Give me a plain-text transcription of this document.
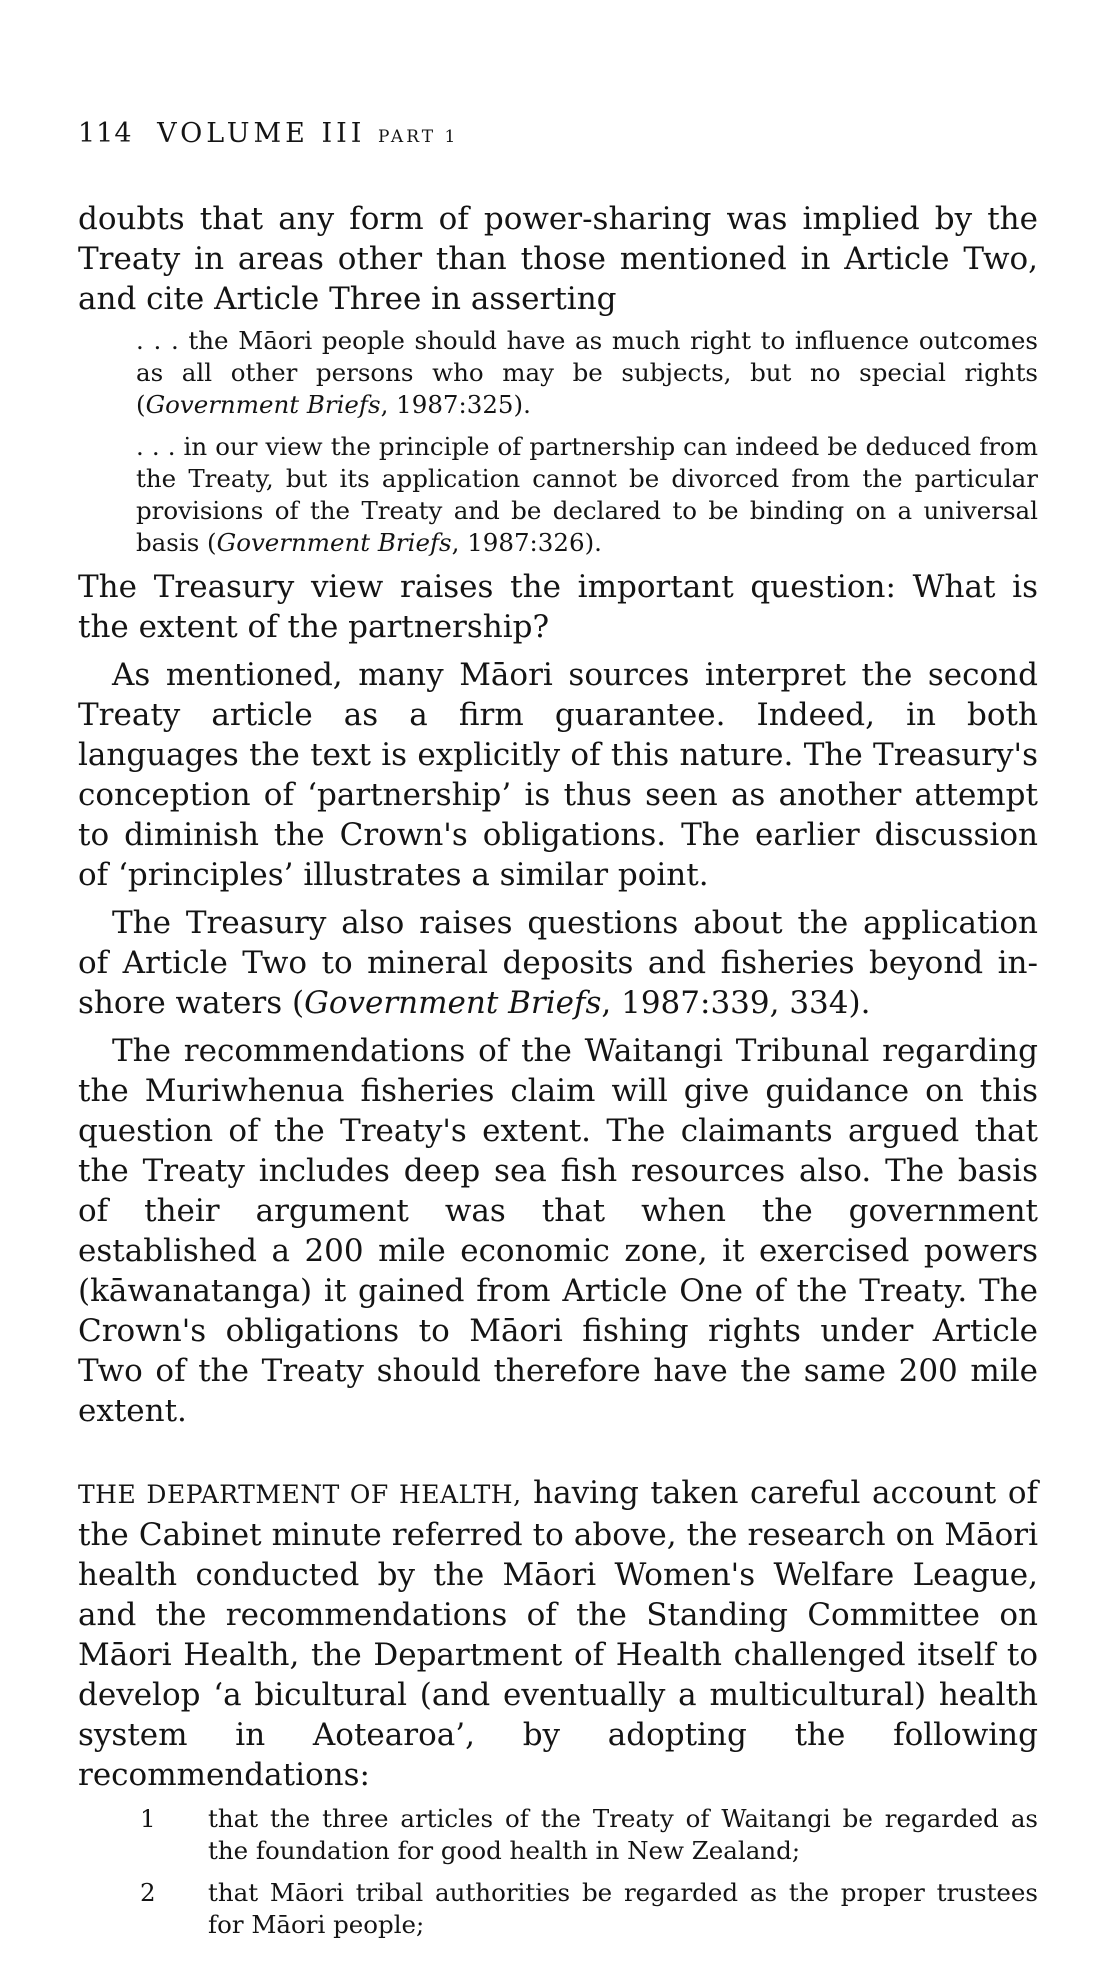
114 VOLUME III PART 1

doubts that any form of power-sharing was implied by the Treaty in areas other than those mentioned in Article Two, and cite Article Three in asserting

. . . the Māori people should have as much right to influence outcomes as all other persons who may be subjects, but no special rights (Government Briefs, 1987:325).

. . . in our view the principle of partnership can indeed be deduced from the Treaty, but its application cannot be divorced from the particular provisions of the Treaty and be declared to be binding on a universal basis (Government Briefs, 1987:326).

The Treasury view raises the important question: What is the extent of the partnership?

As mentioned, many Māori sources interpret the second Treaty article as a firm guarantee. Indeed, in both languages the text is explicitly of this nature. The Treasury's conception of ‘partnership’ is thus seen as another attempt to diminish the Crown's obligations. The earlier discussion of ‘principles’ illustrates a similar point.

The Treasury also raises questions about the application of Article Two to mineral deposits and fisheries beyond in-shore waters (Government Briefs, 1987:339, 334).

The recommendations of the Waitangi Tribunal regarding the Muriwhenua fisheries claim will give guidance on this question of the Treaty's extent. The claimants argued that the Treaty includes deep sea fish resources also. The basis of their argument was that when the government established a 200 mile economic zone, it exercised powers (kāwanatanga) it gained from Article One of the Treaty. The Crown's obligations to Māori fishing rights under Article Two of the Treaty should therefore have the same 200 mile extent.

THE DEPARTMENT OF HEALTH, having taken careful account of the Cabinet minute referred to above, the research on Māori health conducted by the Māori Women's Welfare League, and the recommendations of the Standing Committee on Māori Health, the Department of Health challenged itself to develop ‘a bicultural (and eventually a multicultural) health system in Aotearoa’, by adopting the following recommendations:

1	that the three articles of the Treaty of Waitangi be regarded as the foundation for good health in New Zealand;
2	that Māori tribal authorities be regarded as the proper trustees for Māori people;
